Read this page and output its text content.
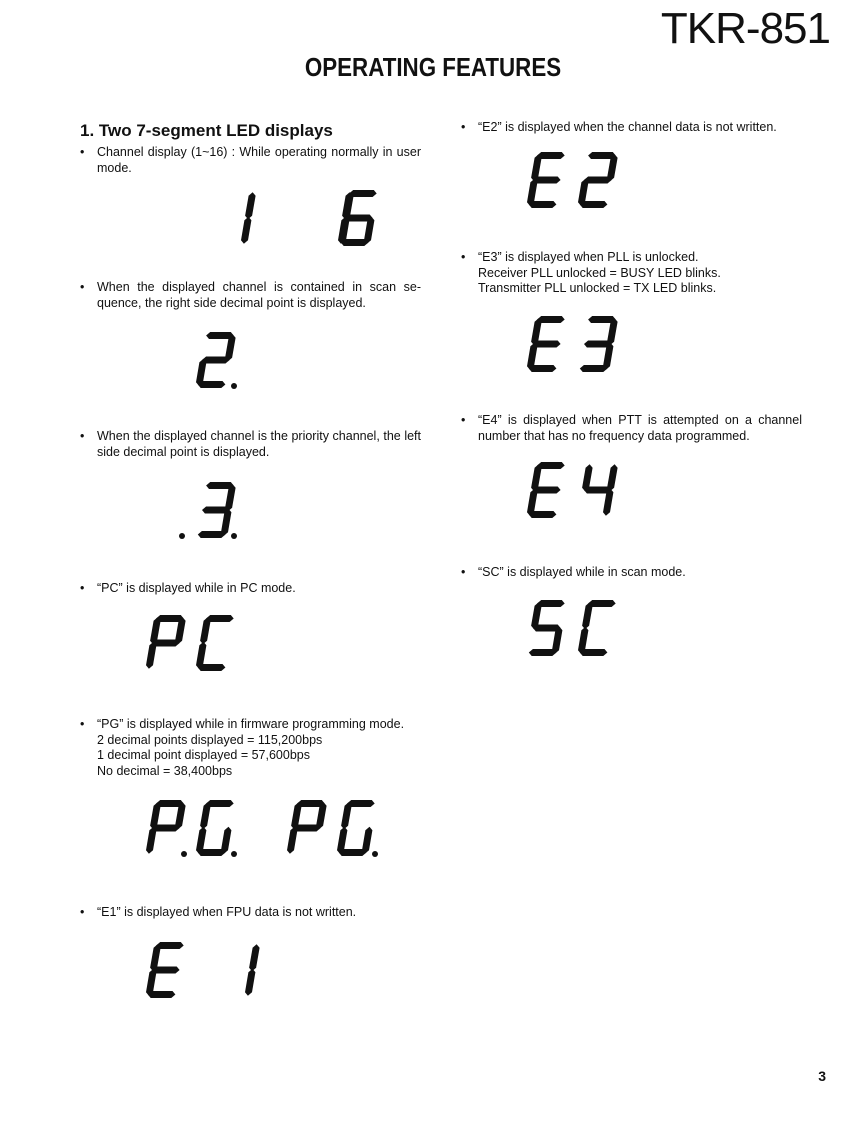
TKR-851
OPERATING FEATURES
1. Two 7-segment LED displays
• Channel display (1~16) : While operating normally in user
mode.
• When the displayed channel is contained in scan se-
quence, the right side decimal point is displayed.
• When the displayed channel is the priority channel, the left
side decimal point is displayed.
• “PC” is displayed while in PC mode.
• “PG” is displayed while in firmware programming mode.
2 decimal points displayed = 115,200bps
1 decimal point displayed = 57,600bps
No decimal = 38,400bps
• “E1” is displayed when FPU data is not written.
• “E2” is displayed when the channel data is not written.
• “E3” is displayed when PLL is unlocked.
Receiver PLL unlocked = BUSY LED blinks.
Transmitter PLL unlocked = TX LED blinks.
• “E4” is displayed when PTT is attempted on a channel
number that has no frequency data programmed.
• “SC” is displayed while in scan mode.
3
